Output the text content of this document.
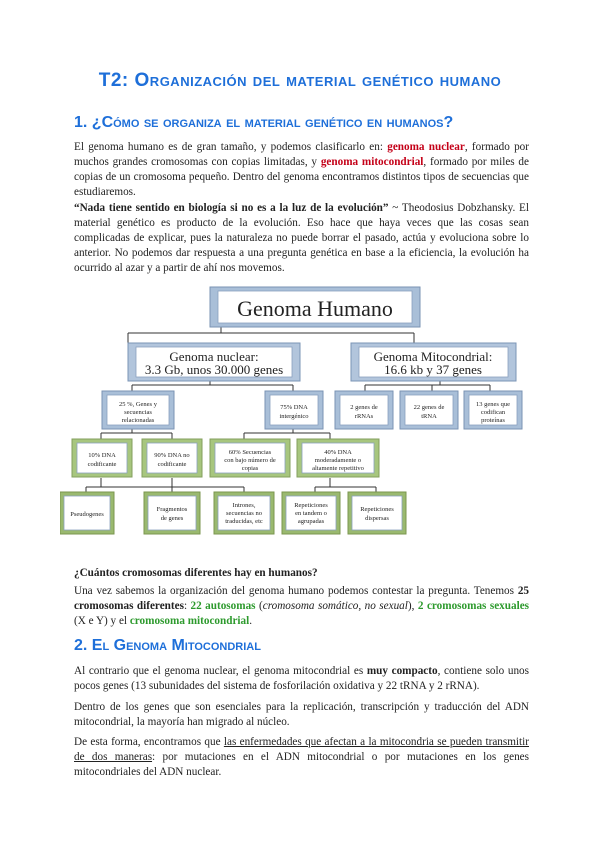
T2: Organización del material genético humano
1. ¿Cómo se organiza el material genético en humanos?

El genoma humano es de gran tamaño, y podemos clasificarlo en: genoma nuclear, formado por muchos grandes cromosomas con copias limitadas, y genoma mitocondrial, formado por miles de copias de un cromosoma pequeño. Dentro del genoma encontramos distintos tipos de secuencias que estudiaremos.

“Nada tiene sentido en biología si no es a la luz de la evolución” ~ Theodosius Dobzhansky. El material genético es producto de la evolución. Eso hace que haya veces que las cosas sean complicadas de explicar, pues la naturaleza no puede borrar el pasado, actúa y evoluciona sobre lo anterior. No podemos dar respuesta a una pregunta genética en base a la eficiencia, la evolución ha ocurrido al azar y a partir de ahí nos movemos.

Genoma Humano
Genoma nuclear:
3.3 Gb, unos 30.000 genes
Genoma Mitocondrial:
16.6 kb y 37 genes
25 %, Genes y
secuencias
relacionadas
75% DNA
intergénico
2 genes de
rRNAs
22 genes de
tRNA
13 genes que
codifican
proteínas
10% DNA
codificante
90% DNA no
codificante
60% Secuencias
con bajo número de
copias
40% DNA
moderadamente o
altamente repetitivo
Pseudogenes
Fragmentos
de genes
Intrones,
secuencias no
traducidas, etc
Repeticiones
en tandem o
agrupadas
Repeticiones
dispersas

¿Cuántos cromosomas diferentes hay en humanos?

Una vez sabemos la organización del genoma humano podemos contestar la pregunta. Tenemos 25 cromosomas diferentes: 22 autosomas (cromosoma somático, no sexual), 2 cromosomas sexuales (X e Y) y el cromosoma mitocondrial.

2. El Genoma Mitocondrial

Al contrario que el genoma nuclear, el genoma mitocondrial es muy compacto, contiene solo unos pocos genes (13 subunidades del sistema de fosforilación oxidativa y 22 tRNA y 2 rRNA).

Dentro de los genes que son esenciales para la replicación, transcripción y traducción del ADN mitocondrial, la mayoría han migrado al núcleo.

De esta forma, encontramos que las enfermedades que afectan a la mitocondria se pueden transmitir de dos maneras: por mutaciones en el ADN mitocondrial o por mutaciones en los genes mitocondriales del ADN nuclear.
